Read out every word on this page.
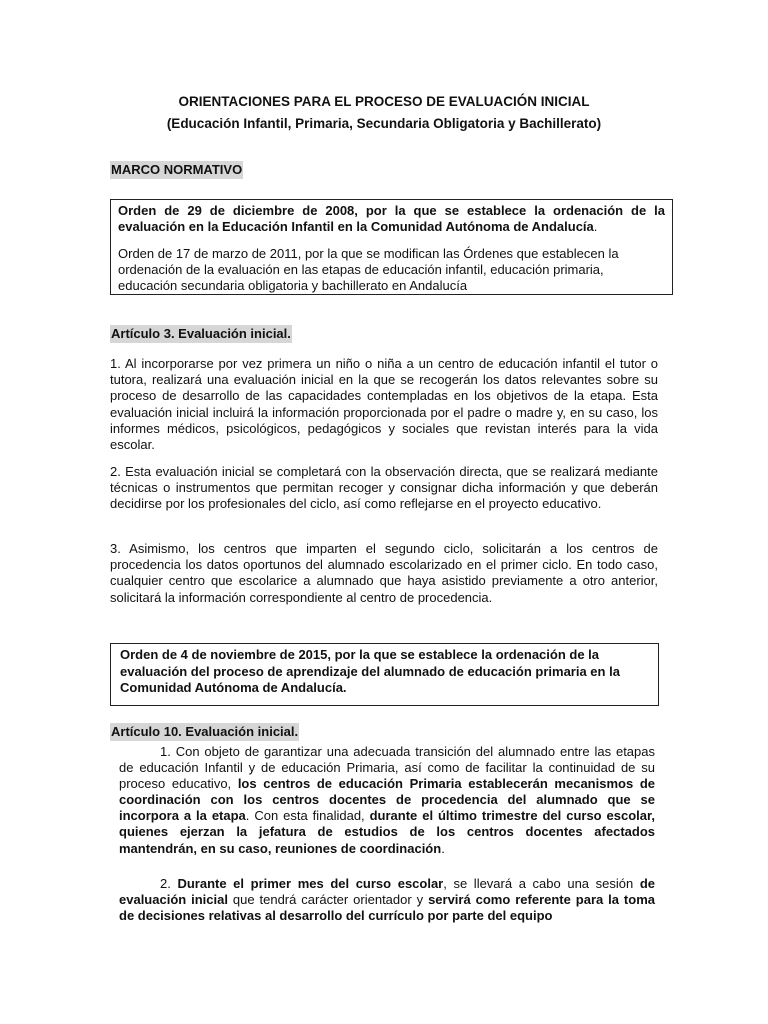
ORIENTACIONES PARA EL PROCESO DE EVALUACIÓN INICIAL
(Educación Infantil, Primaria, Secundaria Obligatoria y Bachillerato)
MARCO NORMATIVO

Orden de 29 de diciembre de 2008, por la que se establece la ordenación de la evaluación en la Educación Infantil en la Comunidad Autónoma de Andalucía.

Orden de 17 de marzo de 2011, por la que se modifican las Órdenes que establecen la ordenación de la evaluación en las etapas de educación infantil, educación primaria, educación secundaria obligatoria y bachillerato en Andalucía

Artículo 3. Evaluación inicial.

1. Al incorporarse por vez primera un niño o niña a un centro de educación infantil el tutor o tutora, realizará una evaluación inicial en la que se recogerán los datos relevantes sobre su proceso de desarrollo de las capacidades contempladas en los objetivos de la etapa. Esta evaluación inicial incluirá la información proporcionada por el padre o madre y, en su caso, los informes médicos, psicológicos, pedagógicos y sociales que revistan interés para la vida escolar.

2. Esta evaluación inicial se completará con la observación directa, que se realizará mediante técnicas o instrumentos que permitan recoger y consignar dicha información y que deberán decidirse por los profesionales del ciclo, así como reflejarse en el proyecto educativo.

3. Asimismo, los centros que imparten el segundo ciclo, solicitarán a los centros de procedencia los datos oportunos del alumnado escolarizado en el primer ciclo. En todo caso, cualquier centro que escolarice a alumnado que haya asistido previamente a otro anterior, solicitará la información correspondiente al centro de procedencia.

Orden de 4 de noviembre de 2015, por la que se establece la ordenación de la evaluación del proceso de aprendizaje del alumnado de educación primaria en la Comunidad Autónoma de Andalucía.

Artículo 10. Evaluación inicial.

1. Con objeto de garantizar una adecuada transición del alumnado entre las etapas de educación Infantil y de educación Primaria, así como de facilitar la continuidad de su proceso educativo, los centros de educación Primaria establecerán mecanismos de coordinación con los centros docentes de procedencia del alumnado que se incorpora a la etapa. Con esta finalidad, durante el último trimestre del curso escolar, quienes ejerzan la jefatura de estudios de los centros docentes afectados mantendrán, en su caso, reuniones de coordinación.

2. Durante el primer mes del curso escolar, se llevará a cabo una sesión de evaluación inicial que tendrá carácter orientador y servirá como referente para la toma de decisiones relativas al desarrollo del currículo por parte del equipo
